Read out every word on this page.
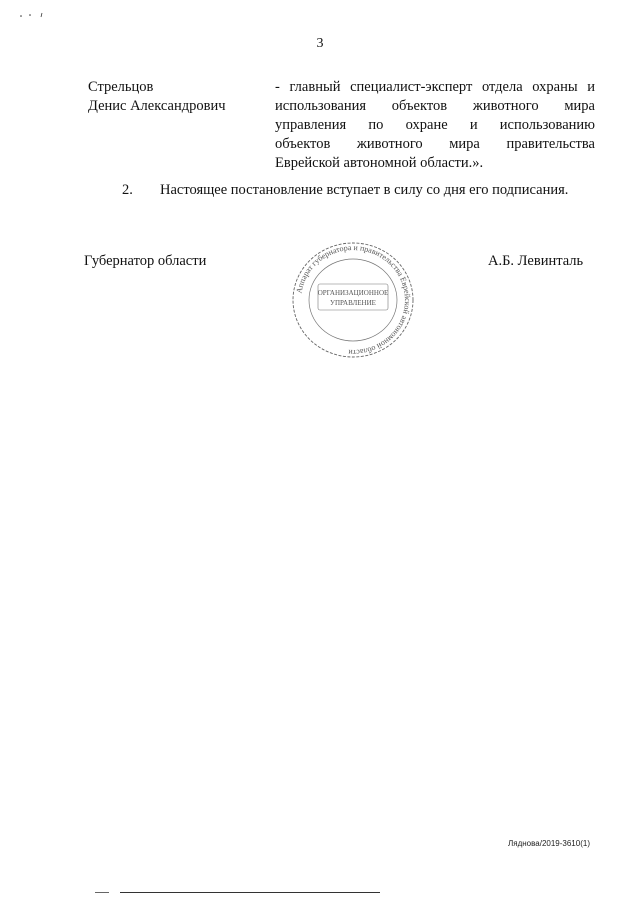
3
Стрельцов
Денис Александрович
- главный специалист-эксперт отдела охраны и
использования объектов животного мира
управления по охране и использованию
объектов животного мира правительства
Еврейской автономной области.».
2. Настоящее постановление вступает в силу со дня его подписания.
Губернатор области	А.Б. Левинталь
Аппарат губернатора и правительства Еврейской автономной области
ОРГАНИЗАЦИОННОЕ
УПРАВЛЕНИЕ
Ляднова/2019-3610(1)
